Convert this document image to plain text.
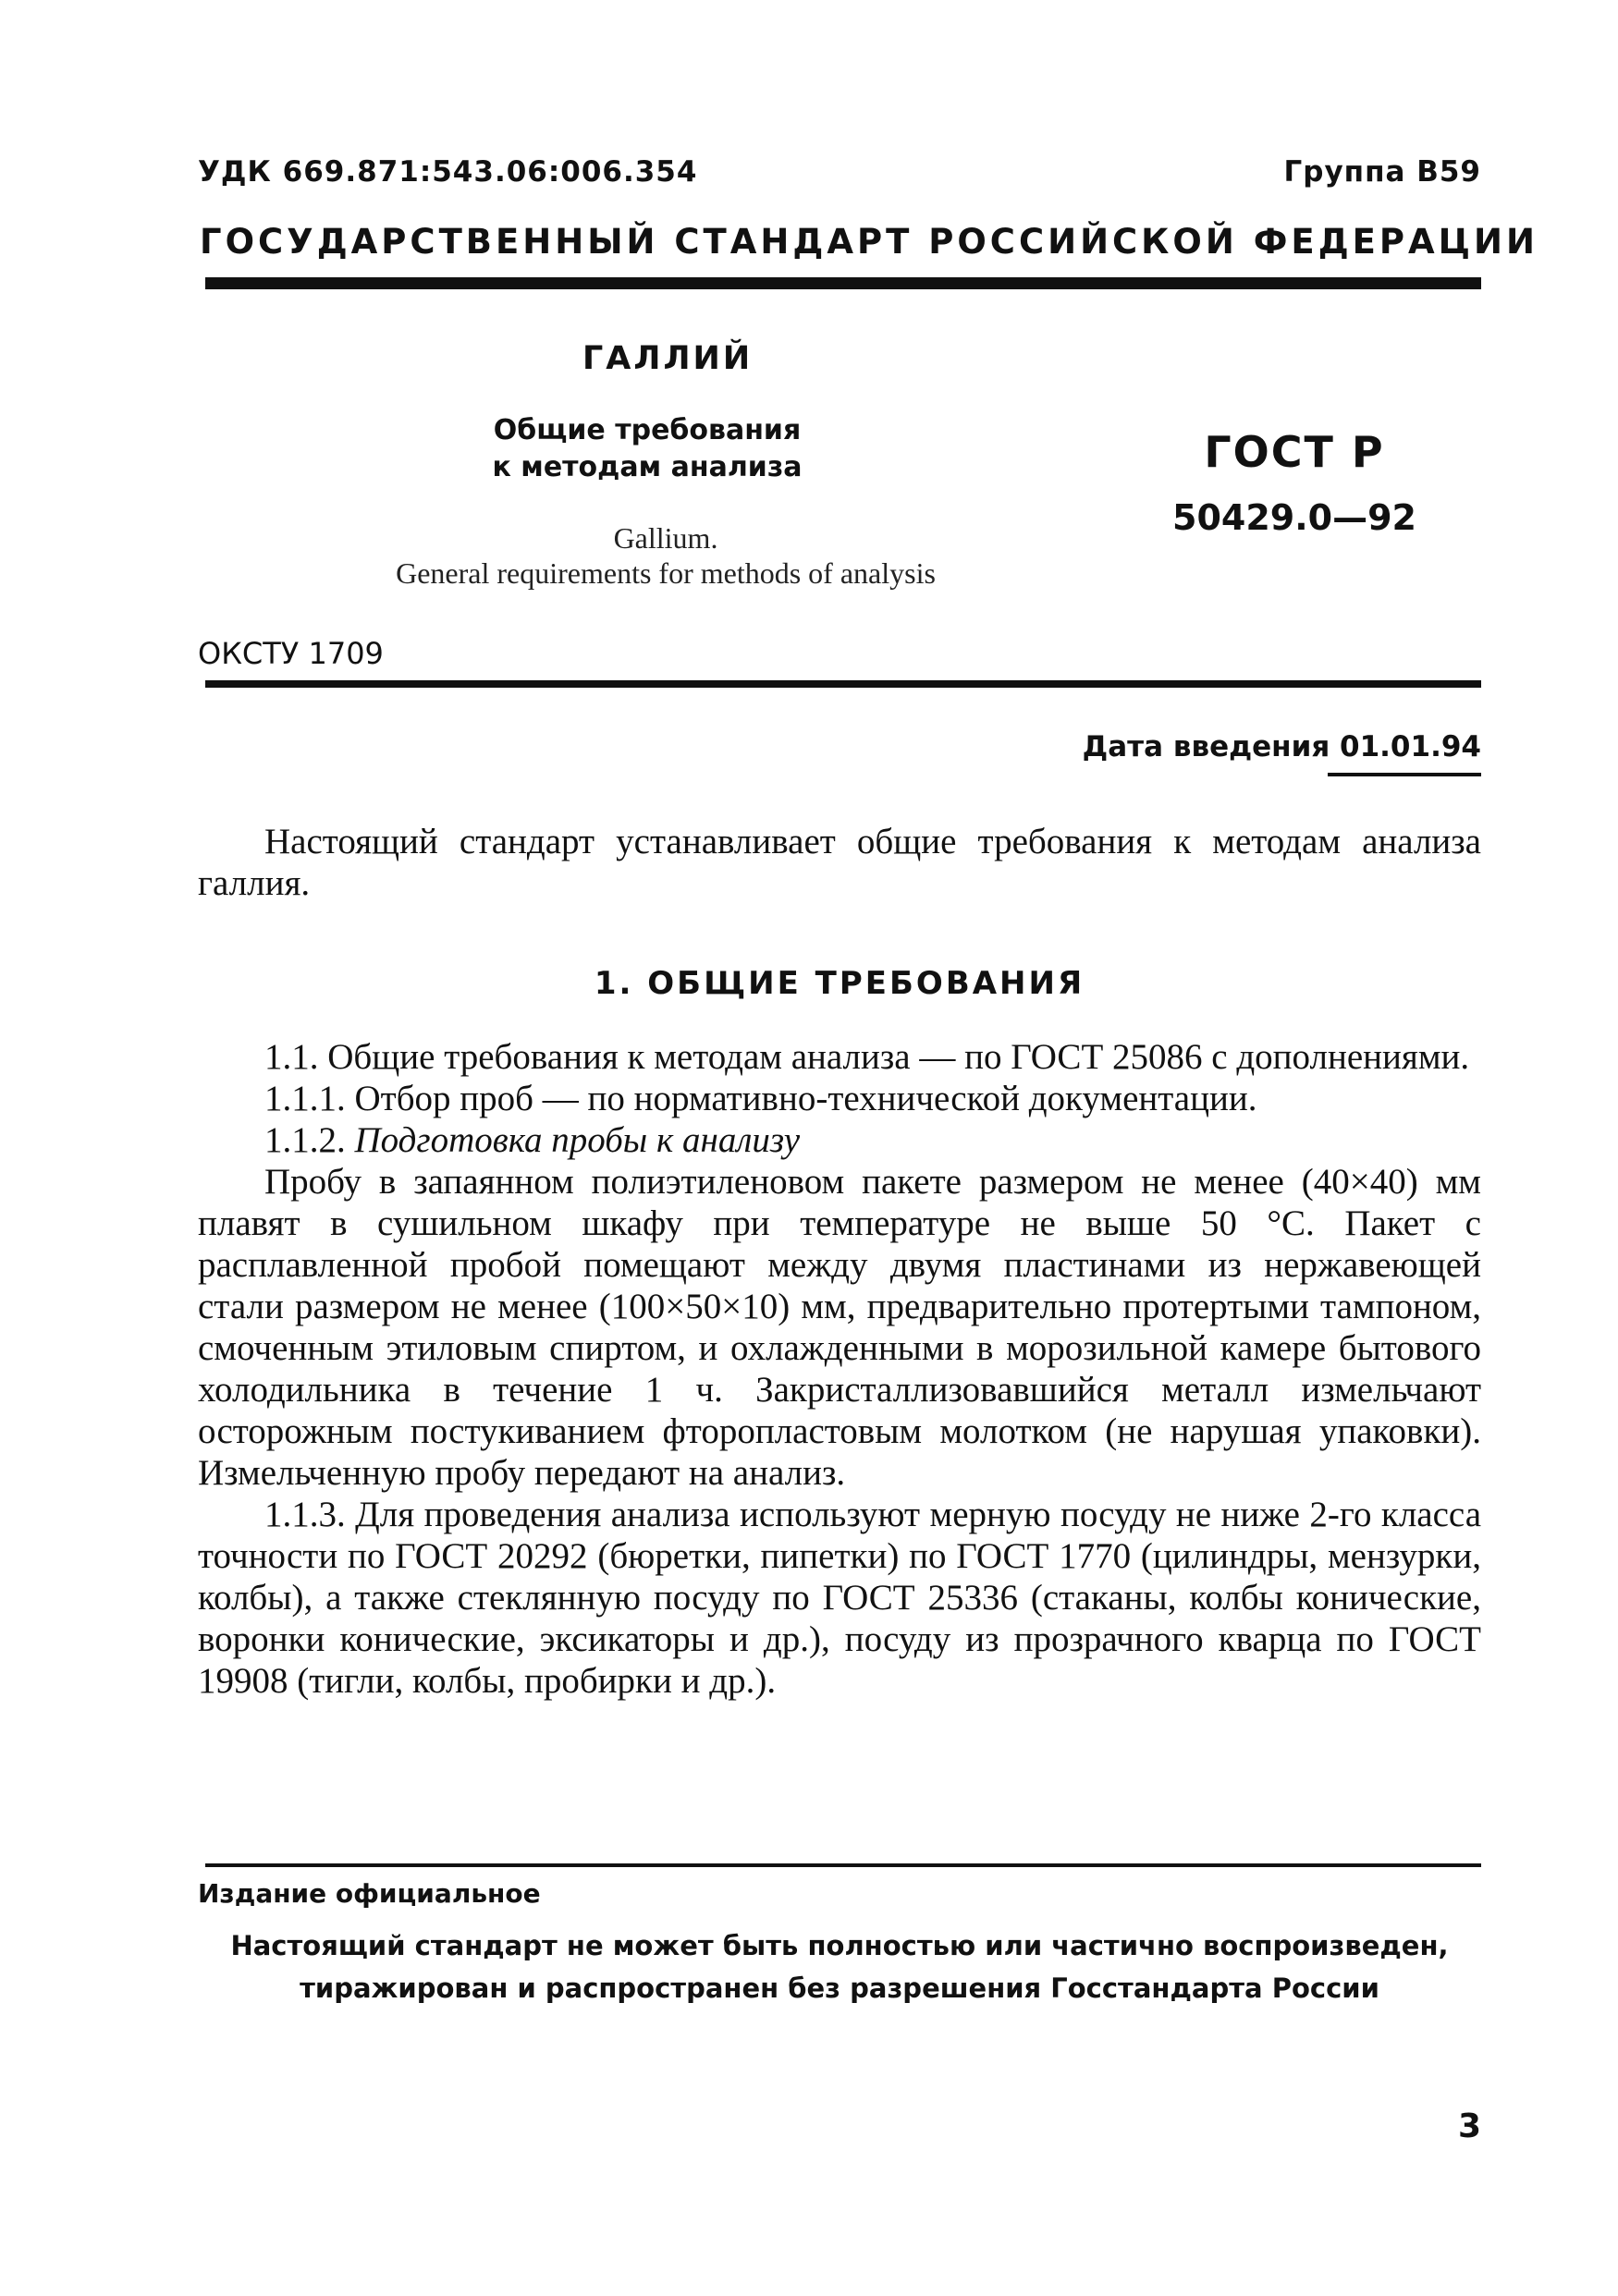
УДК 669.871:543.06:006.354	Группа В59
ГОСУДАРСТВЕННЫЙ СТАНДАРТ РОССИЙСКОЙ ФЕДЕРАЦИИ
ГАЛЛИЙ
Общие требования
к методам анализа
Gallium.
General requirements for methods of analysis
ГОСТ Р
50429.0—92
ОКСТУ 1709
Дата введения 01.01.94

Настоящий стандарт устанавливает общие требования к методам анализа галлия.

1. ОБЩИЕ ТРЕБОВАНИЯ

1.1. Общие требования к методам анализа — по ГОСТ 25086 с дополнениями.

1.1.1. Отбор проб — по нормативно-технической документации.

1.1.2. Подготовка пробы к анализу

Пробу в запаянном полиэтиленовом пакете размером не менее (40×40) мм плавят в сушильном шкафу при температуре не выше 50 °С. Пакет с расплавленной пробой помещают между двумя пластинами из нержавеющей стали размером не менее (100×50×10) мм, предварительно протертыми тампоном, смоченным этиловым спиртом, и охлажденными в морозильной камере бытового холодильника в течение 1 ч. Закристаллизовавшийся металл измельчают осторожным постукиванием фторопластовым молотком (не нарушая упаковки). Измельченную пробу передают на анализ.

1.1.3. Для проведения анализа используют мерную посуду не ниже 2-го класса точности по ГОСТ 20292 (бюретки, пипетки) по ГОСТ 1770 (цилиндры, мензурки, колбы), а также стеклянную посуду по ГОСТ 25336 (стаканы, колбы конические, воронки конические, эксикаторы и др.), посуду из прозрачного кварца по ГОСТ 19908 (тигли, колбы, пробирки и др.).

Издание официальное
Настоящий стандарт не может быть полностью или частично воспроизведен,
тиражирован и распространен без разрешения Госстандарта России
3
